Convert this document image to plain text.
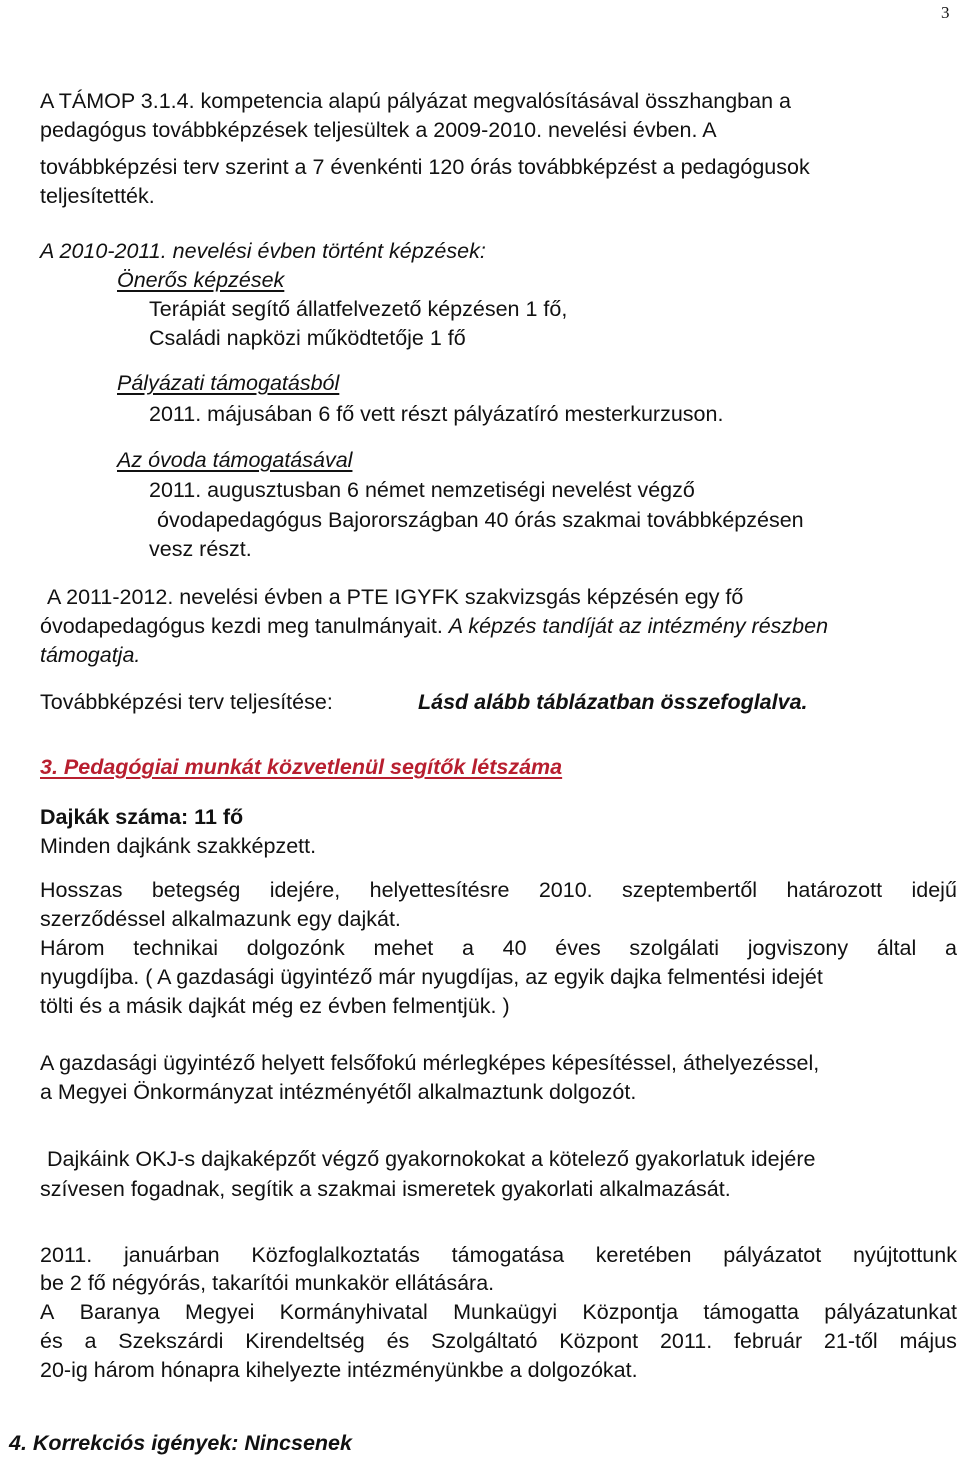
3
A TÁMOP 3.1.4. kompetencia alapú pályázat megvalósításával összhangban a
pedagógus továbbképzések teljesültek a 2009-2010. nevelési évben. A
továbbképzési terv szerint a 7 évenkénti 120 órás továbbképzést a pedagógusok
teljesítették.
A 2010-2011. nevelési évben történt képzések:
Önerős képzések
Terápiát segítő állatfelvezető képzésen 1 fő,
Családi napközi működtetője 1 fő
Pályázati támogatásból
2011. májusában 6 fő vett részt pályázatíró mesterkurzuson.
Az óvoda támogatásával
2011. augusztusban 6 német nemzetiségi nevelést végző
óvodapedagógus Bajorországban 40 órás szakmai továbbképzésen
vesz részt.
A 2011-2012. nevelési évben a PTE IGYFK szakvizsgás képzésén egy fő
óvodapedagógus kezdi meg tanulmányait. A képzés tandíját az intézmény részben
támogatja.
Továbbképzési terv teljesítése:	Lásd alább táblázatban összefoglalva.
3. Pedagógiai munkát közvetlenül segítők létszáma
Dajkák száma: 11 fő
Minden dajkánk szakképzett.
Hosszas betegség idejére, helyettesítésre 2010. szeptembertől határozott idejű
szerződéssel alkalmazunk egy dajkát.
Három technikai dolgozónk mehet a 40 éves szolgálati jogviszony által a
nyugdíjba. ( A gazdasági ügyintéző már nyugdíjas, az egyik dajka felmentési idejét
tölti és a másik dajkát még ez évben felmentjük. )
A gazdasági ügyintéző helyett felsőfokú mérlegképes képesítéssel, áthelyezéssel,
a Megyei Önkormányzat intézményétől alkalmaztunk dolgozót.
Dajkáink OKJ-s dajkaképzőt végző gyakornokokat a kötelező gyakorlatuk idejére
szívesen fogadnak, segítik a szakmai ismeretek gyakorlati alkalmazását.
2011. januárban Közfoglalkoztatás támogatása keretében pályázatot nyújtottunk
be 2 fő négyórás, takarítói munkakör ellátására.
A Baranya Megyei Kormányhivatal Munkaügyi Központja támogatta pályázatunkat
és a Szekszárdi Kirendeltség és Szolgáltató Központ 2011. február 21-től május
20-ig három hónapra kihelyezte intézményünkbe a dolgozókat.
4. Korrekciós igények: Nincsenek
